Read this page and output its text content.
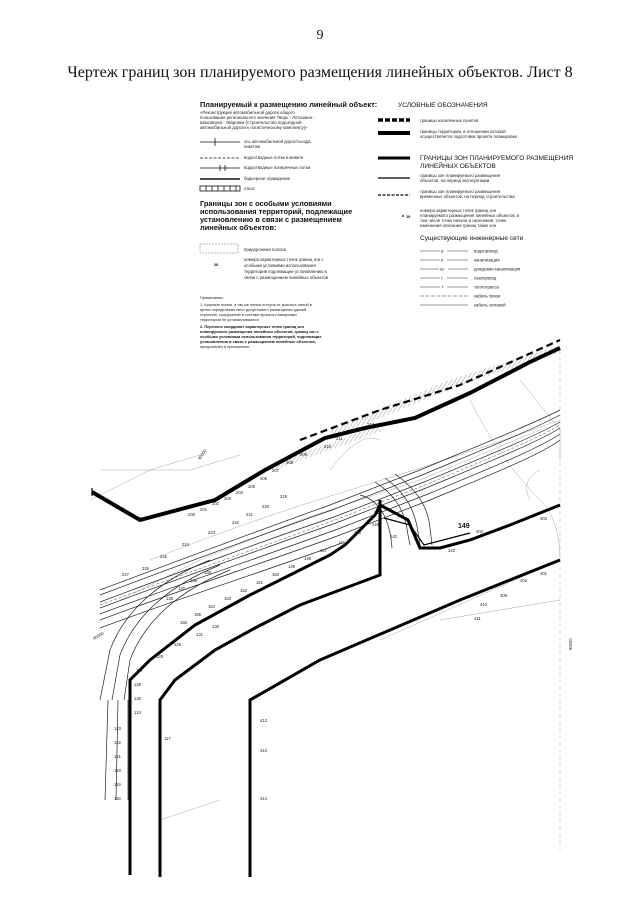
9
Чертеж границ зон планируемого размещения линейных объектов. Лист 8
213
212
211
210
209
208
207
206
205
204
203
202
201
200
219
220
221
222
223
224
225
226
227
228
142
143
144
145
146
147
148
149
150
151
152
153
154
155
156
136
137
138
139
131
130
129
128
127
126
125
124
123
122
121
120
119
118
117
409
410
411
412
413
414
401
402
403
404
149
90000
90000
90000
Планируемый к размещению линейный объект:
«Реконструкция автомобильной дороги общего
пользования регионального значения Тверь - Лотошино -
Шаховская - Уваровка (Строительство подъездной
автомобильной дороги к логистическому комплексу)»
ось автомобильной дорог/съезда,
пикетаж
водоотводные лотки в кювете
водоотводные поперечные лотки
барьерное ограждение
откос
Границы зон с особыми условиями
использования территорий, подлежащие
установлению в связи с размещением
линейных объектов:
придорожная полоса
28
номера характерных точек границ зон с
особыми условиями использования
территорий подлежащие установлению в
связи с размещением линейных объектов
Примечания:
1. Красные линии, а так же линии отступа от красных линий в
целях определения мест допустимого размещения зданий,
строений, сооружений в составе проекта планировки
территории не устанавливаются
2. Перечень координат характерных точек границ зон
планируемого размещения линейных объектов, границ зон с
особыми условиями использования территорий, подлежащие
установлению в связи с размещением линейных объектов,
представлен в приложении
УСЛОВНЫЕ ОБОЗНАЧЕНИЯ
границы населенных пунктов
границы территории, в отношении которой
осуществляется подготовка проекта планировки
ГРАНИЦЫ ЗОН ПЛАНИРУЕМОГО РАЗМЕЩЕНИЯ
ЛИНЕЙНЫХ ОБЪЕКТОВ
границы зон планируемого размещения
объектов, на период эксплуатации
границы зон планируемого размещения
временных объектов, на период строительства
19
номера характерных точек границ зон
планируемого размещения линейных объектов, в
том числе точек начала и окончания, точек
изменения описания границ таких зон
Существующие инженерные сети
В
К
К2
Г
Т
водопровод
канализация
дождевая канализация
газопровод
теплотрасса
кабель связи
кабель силовой
